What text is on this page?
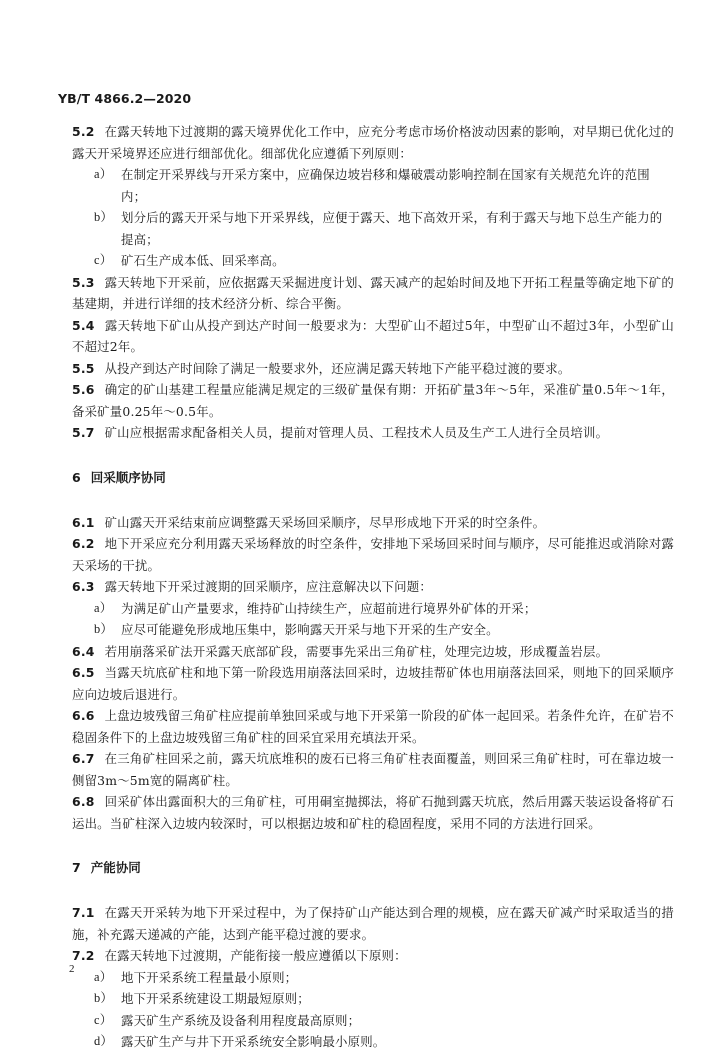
YB/T 4866.2—2020

5.2 在露天转地下过渡期的露天境界优化工作中，应充分考虑市场价格波动因素的影响，对早期已优化过的露天开采境界还应进行细部优化。细部优化应遵循下列原则：

a） 在制定开采界线与开采方案中，应确保边坡岩移和爆破震动影响控制在国家有关规范允许的范围内；

b） 划分后的露天开采与地下开采界线，应便于露天、地下高效开采，有利于露天与地下总生产能力的提高；

c） 矿石生产成本低、回采率高。

5.3 露天转地下开采前，应依据露天采掘进度计划、露天减产的起始时间及地下开拓工程量等确定地下矿的基建期，并进行详细的技术经济分析、综合平衡。

5.4 露天转地下矿山从投产到达产时间一般要求为：大型矿山不超过5年，中型矿山不超过3年，小型矿山不超过2年。

5.5 从投产到达产时间除了满足一般要求外，还应满足露天转地下产能平稳过渡的要求。

5.6 确定的矿山基建工程量应能满足规定的三级矿量保有期：开拓矿量3年～5年，采准矿量0.5年～1年，备采矿量0.25年～0.5年。

5.7 矿山应根据需求配备相关人员，提前对管理人员、工程技术人员及生产工人进行全员培训。

6 回采顺序协同

6.1 矿山露天开采结束前应调整露天采场回采顺序，尽早形成地下开采的时空条件。

6.2 地下开采应充分利用露天采场释放的时空条件，安排地下采场回采时间与顺序，尽可能推迟或消除对露天采场的干扰。

6.3 露天转地下开采过渡期的回采顺序，应注意解决以下问题：

a） 为满足矿山产量要求，维持矿山持续生产，应超前进行境界外矿体的开采；

b） 应尽可能避免形成地压集中，影响露天开采与地下开采的生产安全。

6.4 若用崩落采矿法开采露天底部矿段，需要事先采出三角矿柱，处理完边坡，形成覆盖岩层。

6.5 当露天坑底矿柱和地下第一阶段选用崩落法回采时，边坡挂帮矿体也用崩落法回采，则地下的回采顺序应向边坡后退进行。

6.6 上盘边坡残留三角矿柱应提前单独回采或与地下开采第一阶段的矿体一起回采。若条件允许，在矿岩不稳固条件下的上盘边坡残留三角矿柱的回采宜采用充填法开采。

6.7 在三角矿柱回采之前，露天坑底堆积的废石已将三角矿柱表面覆盖，则回采三角矿柱时，可在靠边坡一侧留3m～5m宽的隔离矿柱。

6.8 回采矿体出露面积大的三角矿柱，可用硐室抛掷法，将矿石抛到露天坑底，然后用露天装运设备将矿石运出。当矿柱深入边坡内较深时，可以根据边坡和矿柱的稳固程度，采用不同的方法进行回采。

7 产能协同

7.1 在露天开采转为地下开采过程中，为了保持矿山产能达到合理的规模，应在露天矿减产时采取适当的措施，补充露天递减的产能，达到产能平稳过渡的要求。

7.2 在露天转地下过渡期，产能衔接一般应遵循以下原则：

a） 地下开采系统工程量最小原则；

b） 地下开采系统建设工期最短原则；

c） 露天矿生产系统及设备利用程度最高原则；

d） 露天矿生产与井下开采系统安全影响最小原则。

2
